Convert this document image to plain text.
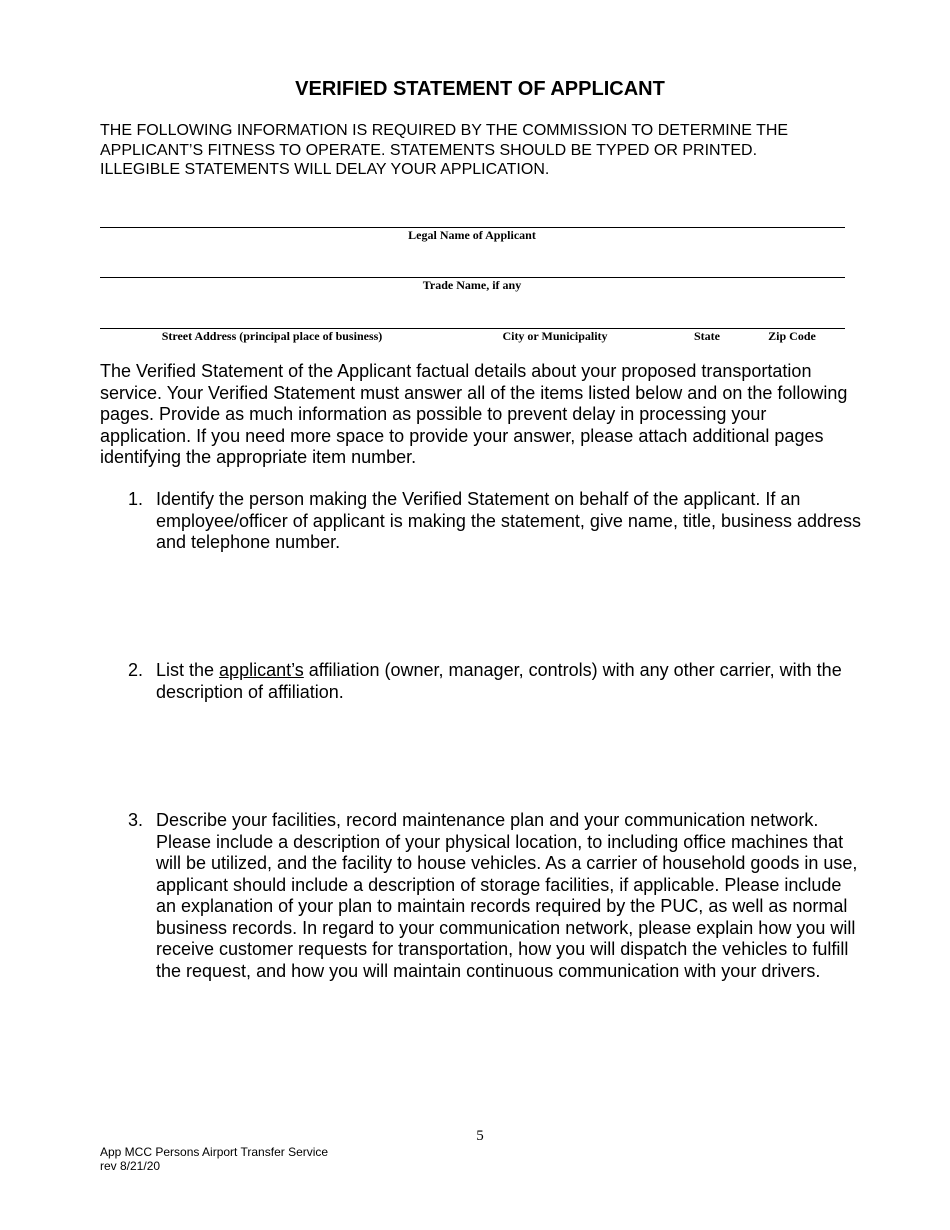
VERIFIED STATEMENT OF APPLICANT
THE FOLLOWING INFORMATION IS REQUIRED BY THE COMMISSION TO DETERMINE THE
APPLICANT’S FITNESS TO OPERATE. STATEMENTS SHOULD BE TYPED OR PRINTED.
ILLEGIBLE STATEMENTS WILL DELAY YOUR APPLICATION.
Legal Name of Applicant
Trade Name, if any
Street Address (principal place of business)	City or Municipality	State	Zip Code
The Verified Statement of the Applicant factual details about your proposed transportation service. Your Verified Statement must answer all of the items listed below and on the following pages. Provide as much information as possible to prevent delay in processing your application. If you need more space to provide your answer, please attach additional pages identifying the appropriate item number.
1. Identify the person making the Verified Statement on behalf of the applicant. If an employee/officer of applicant is making the statement, give name, title, business address and telephone number.
2. List the applicant’s affiliation (owner, manager, controls) with any other carrier, with the description of affiliation.
3. Describe your facilities, record maintenance plan and your communication network. Please include a description of your physical location, to including office machines that will be utilized, and the facility to house vehicles. As a carrier of household goods in use, applicant should include a description of storage facilities, if applicable. Please include an explanation of your plan to maintain records required by the PUC, as well as normal business records. In regard to your communication network, please explain how you will receive customer requests for transportation, how you will dispatch the vehicles to fulfill the request, and how you will maintain continuous communication with your drivers.
5
App MCC Persons Airport Transfer Service
rev 8/21/20
